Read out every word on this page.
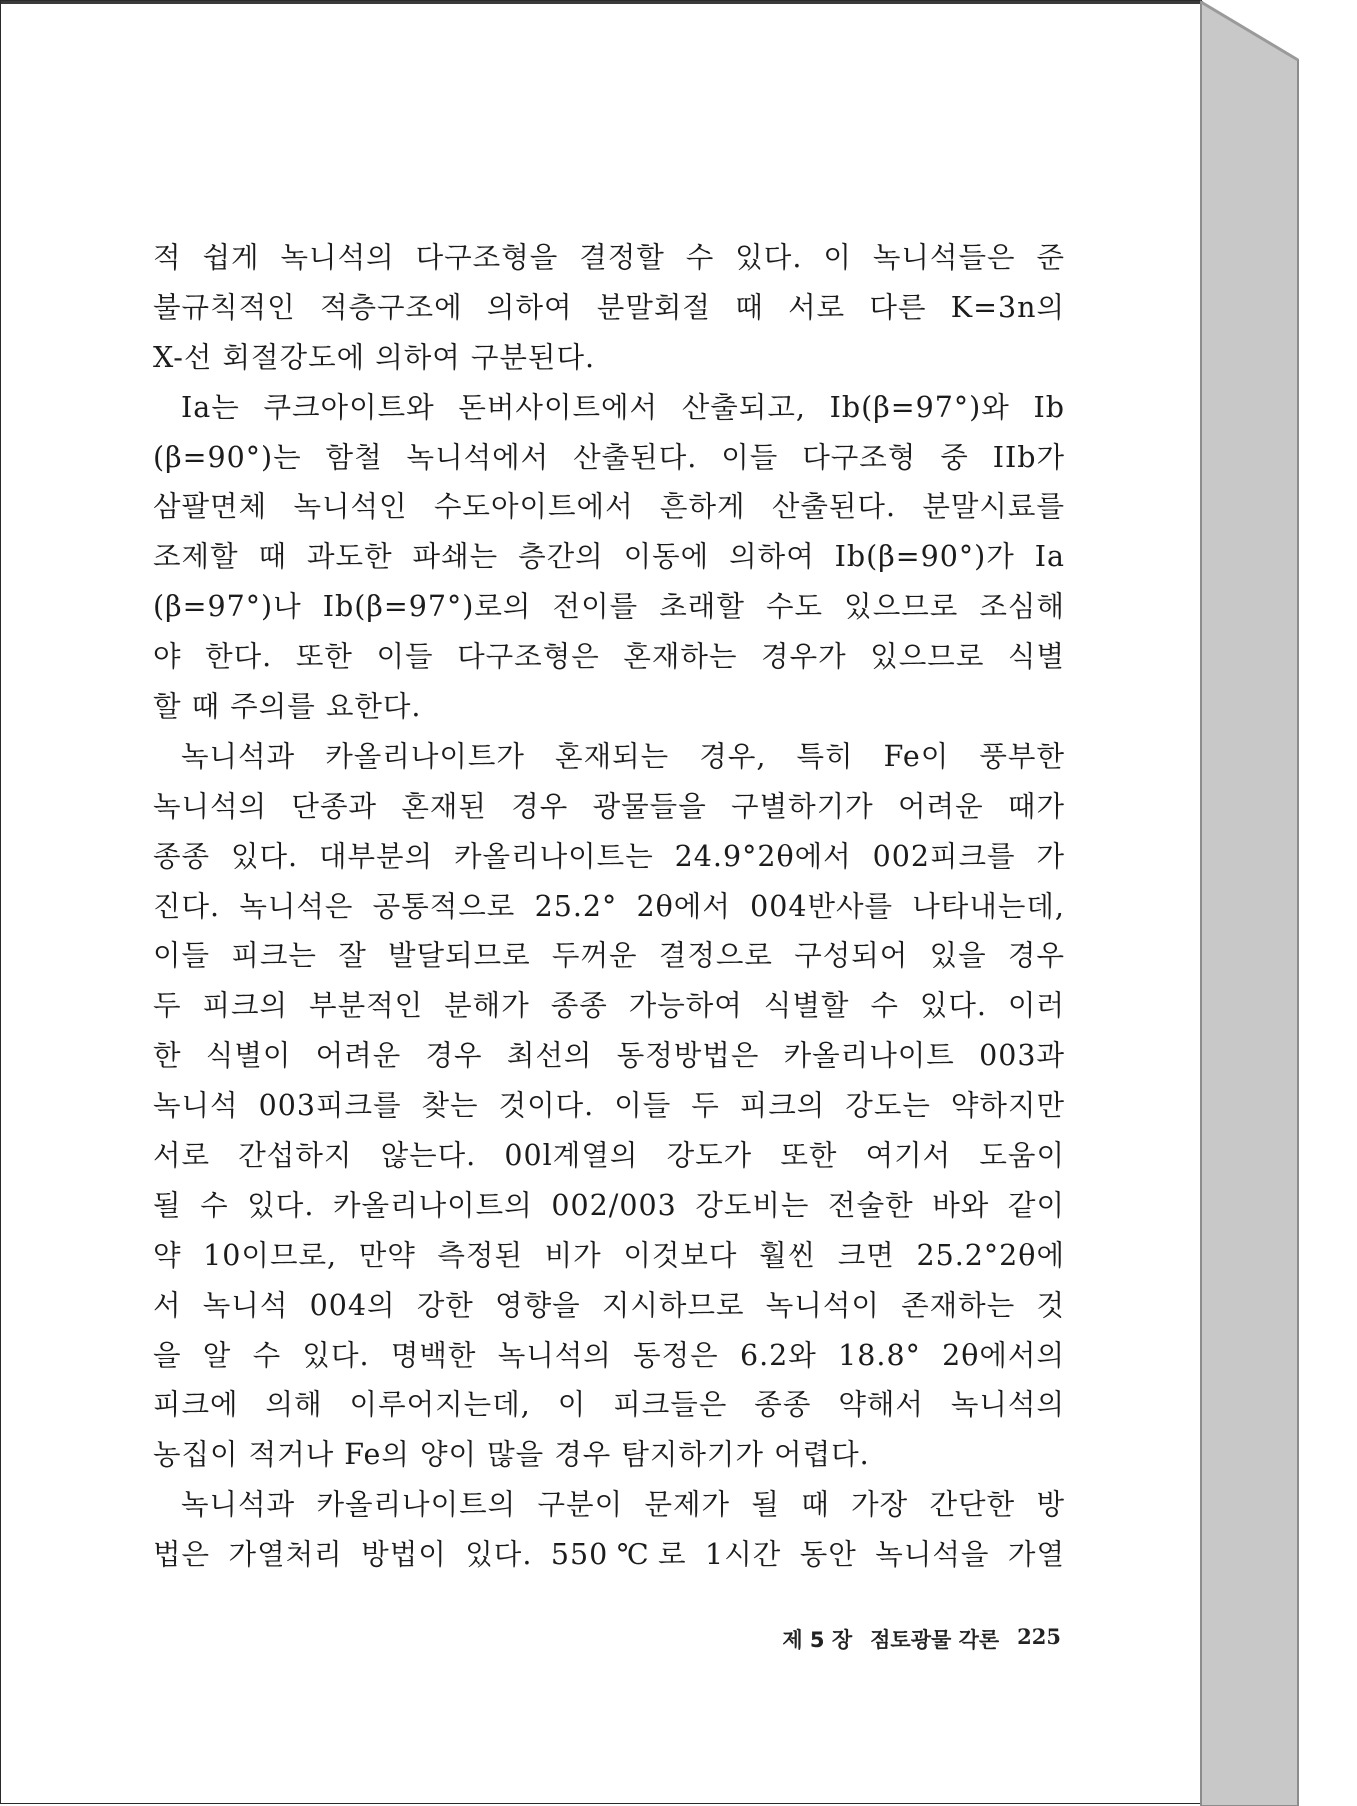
적 쉽게 녹니석의 다구조형을 결정할 수 있다. 이 녹니석들은 준
불규칙적인 적층구조에 의하여 분말회절 때 서로 다른 K=3n의
X-선 회절강도에 의하여 구분된다.
Ia는 쿠크아이트와 돈버사이트에서 산출되고, Ib(β=97°)와 Ib
(β=90°)는 함철 녹니석에서 산출된다. 이들 다구조형 중 IIb가
삼팔면체 녹니석인 수도아이트에서 흔하게 산출된다. 분말시료를
조제할 때 과도한 파쇄는 층간의 이동에 의하여 Ib(β=90°)가 Ia
(β=97°)나 Ib(β=97°)로의 전이를 초래할 수도 있으므로 조심해
야 한다. 또한 이들 다구조형은 혼재하는 경우가 있으므로 식별
할 때 주의를 요한다.
녹니석과 카올리나이트가 혼재되는 경우, 특히 Fe이 풍부한
녹니석의 단종과 혼재된 경우 광물들을 구별하기가 어려운 때가
종종 있다. 대부분의 카올리나이트는 24.9°2θ에서 002피크를 가
진다. 녹니석은 공통적으로 25.2° 2θ에서 004반사를 나타내는데,
이들 피크는 잘 발달되므로 두꺼운 결정으로 구성되어 있을 경우
두 피크의 부분적인 분해가 종종 가능하여 식별할 수 있다. 이러
한 식별이 어려운 경우 최선의 동정방법은 카올리나이트 003과
녹니석 003피크를 찾는 것이다. 이들 두 피크의 강도는 약하지만
서로 간섭하지 않는다. 00l계열의 강도가 또한 여기서 도움이
될 수 있다. 카올리나이트의 002/003 강도비는 전술한 바와 같이
약 10이므로, 만약 측정된 비가 이것보다 훨씬 크면 25.2°2θ에
서 녹니석 004의 강한 영향을 지시하므로 녹니석이 존재하는 것
을 알 수 있다. 명백한 녹니석의 동정은 6.2와 18.8° 2θ에서의
피크에 의해 이루어지는데, 이 피크들은 종종 약해서 녹니석의
농집이 적거나 Fe의 양이 많을 경우 탐지하기가 어렵다.
녹니석과 카올리나이트의 구분이 문제가 될 때 가장 간단한 방
법은 가열처리 방법이 있다. 550℃로 1시간 동안 녹니석을 가열
제 5 장 점토광물 각론 225
